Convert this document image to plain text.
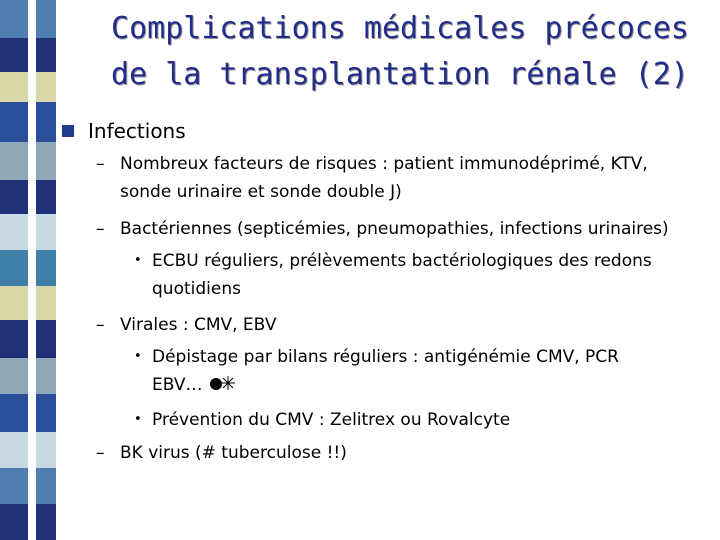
Complications médicales précoces
de la transplantation rénale (2)
Infections
– Nombreux facteurs de risques : patient immunodéprimé, KTV,
sonde urinaire et sonde double J)
– Bactériennes (septicémies, pneumopathies, infections urinaires)
• ECBU réguliers, prélèvements bactériologiques des redons
quotidiens
– Virales : CMV, EBV
• Dépistage par bilans réguliers : antigénémie CMV, PCR
EBV…
• Prévention du CMV : Zelitrex ou Rovalcyte
– BK virus (# tuberculose !!)
